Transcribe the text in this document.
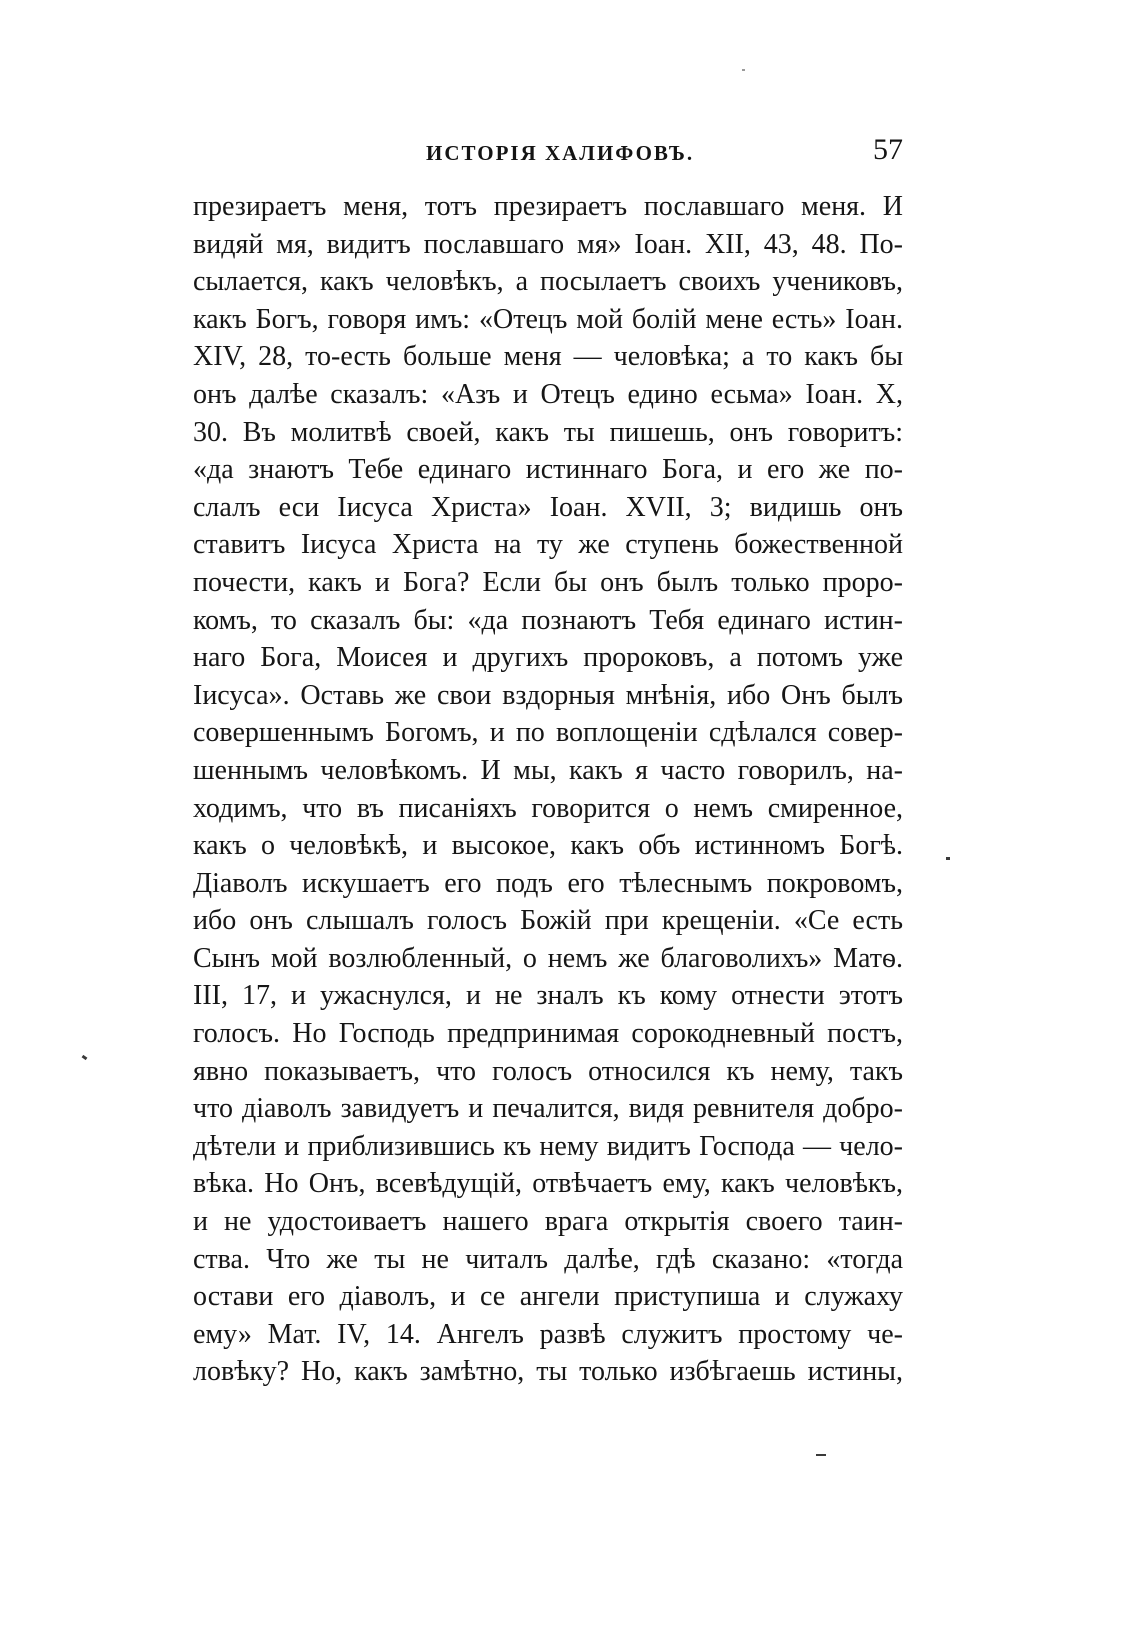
ИСТОРІЯ ХАЛИФОВЪ.	57
презираетъ меня, тотъ презираетъ пославшаго меня. И
видяй мя, видитъ пославшаго мя» Іоан. XII, 43, 48. По-
сылается, какъ человѣкъ, а посылаетъ своихъ учениковъ,
какъ Богъ, говоря имъ: «Отецъ мой болій мене есть» Іоан.
XIV, 28, то-есть больше меня — человѣка; а то какъ бы
онъ далѣе сказалъ: «Азъ и Отецъ едино есьма» Іоан. X,
30. Въ молитвѣ своей, какъ ты пишешь, онъ говоритъ:
«да знаютъ Тебе единаго истиннаго Бога, и его же по-
слалъ еси Іисуса Христа» Іоан. XVII, 3; видишь онъ
ставитъ Іисуса Христа на ту же ступень божественной
почести, какъ и Бога? Если бы онъ былъ только проро-
комъ, то сказалъ бы: «да познаютъ Тебя единаго истин-
наго Бога, Моисея и другихъ пророковъ, а потомъ уже
Іисуса». Оставь же свои вздорныя мнѣнія, ибо Онъ былъ
совершеннымъ Богомъ, и по воплощеніи сдѣлался совер-
шеннымъ человѣкомъ. И мы, какъ я часто говорилъ, на-
ходимъ, что въ писаніяхъ говорится о немъ смиренное,
какъ о человѣкѣ, и высокое, какъ объ истинномъ Богѣ.
Діаволъ искушаетъ его подъ его тѣлеснымъ покровомъ,
ибо онъ слышалъ голосъ Божій при крещеніи. «Се есть
Сынъ мой возлюбленный, о немъ же благоволихъ» Матѳ.
III, 17, и ужаснулся, и не зналъ къ кому отнести этотъ
голосъ. Но Господь предпринимая сорокодневный постъ,
явно показываетъ, что голосъ относился къ нему, такъ
что діаволъ завидуетъ и печалится, видя ревнителя добро-
дѣтели и приблизившись къ нему видитъ Господа — чело-
вѣка. Но Онъ, всевѣдущій, отвѣчаетъ ему, какъ человѣкъ,
и не удостоиваетъ нашего врага открытія своего таин-
ства. Что же ты не читалъ далѣе, гдѣ сказано: «тогда
остави его діаволъ, и се ангели приступиша и служаху
ему» Мат. IV, 14. Ангелъ развѣ служитъ простому че-
ловѣку? Но, какъ замѣтно, ты только избѣгаешь истины,
